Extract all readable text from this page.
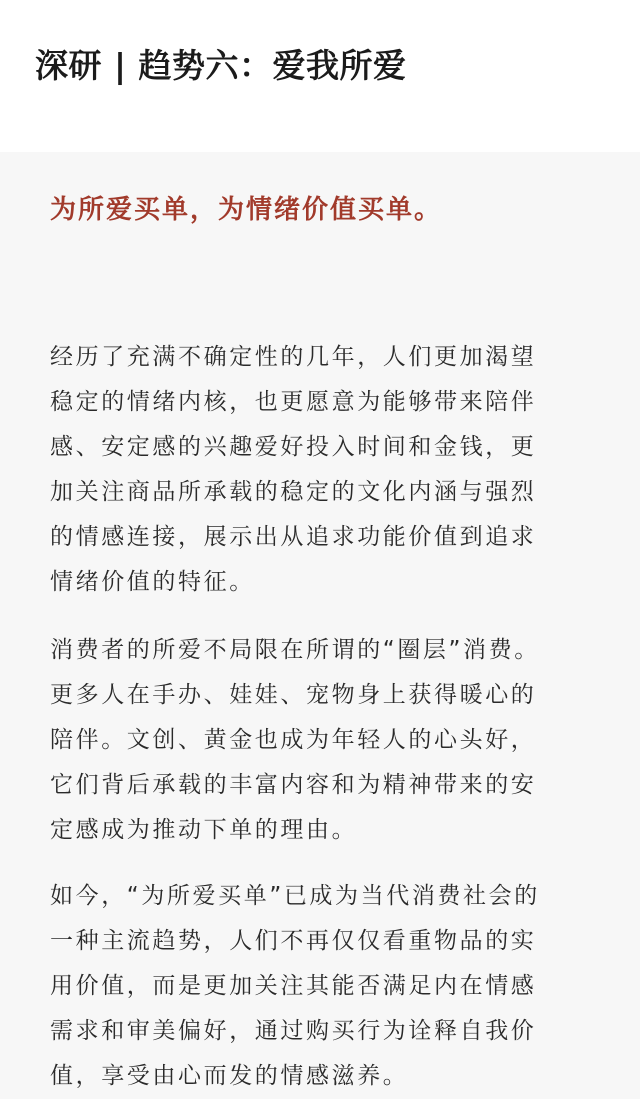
深研 | 趋势六：爱我所爱
为所爱买单，为情绪价值买单。
经历了充满不确定性的几年，人们更加渴望
稳定的情绪内核，也更愿意为能够带来陪伴
感、安定感的兴趣爱好投入时间和金钱，更
加关注商品所承载的稳定的文化内涵与强烈
的情感连接，展示出从追求功能价值到追求
情绪价值的特征。
消费者的所爱不局限在所谓的“圈层”消费。
更多人在手办、娃娃、宠物身上获得暖心的
陪伴。文创、黄金也成为年轻人的心头好，
它们背后承载的丰富内容和为精神带来的安
定感成为推动下单的理由。
如今，“为所爱买单”已成为当代消费社会的
一种主流趋势，人们不再仅仅看重物品的实
用价值，而是更加关注其能否满足内在情感
需求和审美偏好，通过购买行为诠释自我价
值，享受由心而发的情感滋养。
